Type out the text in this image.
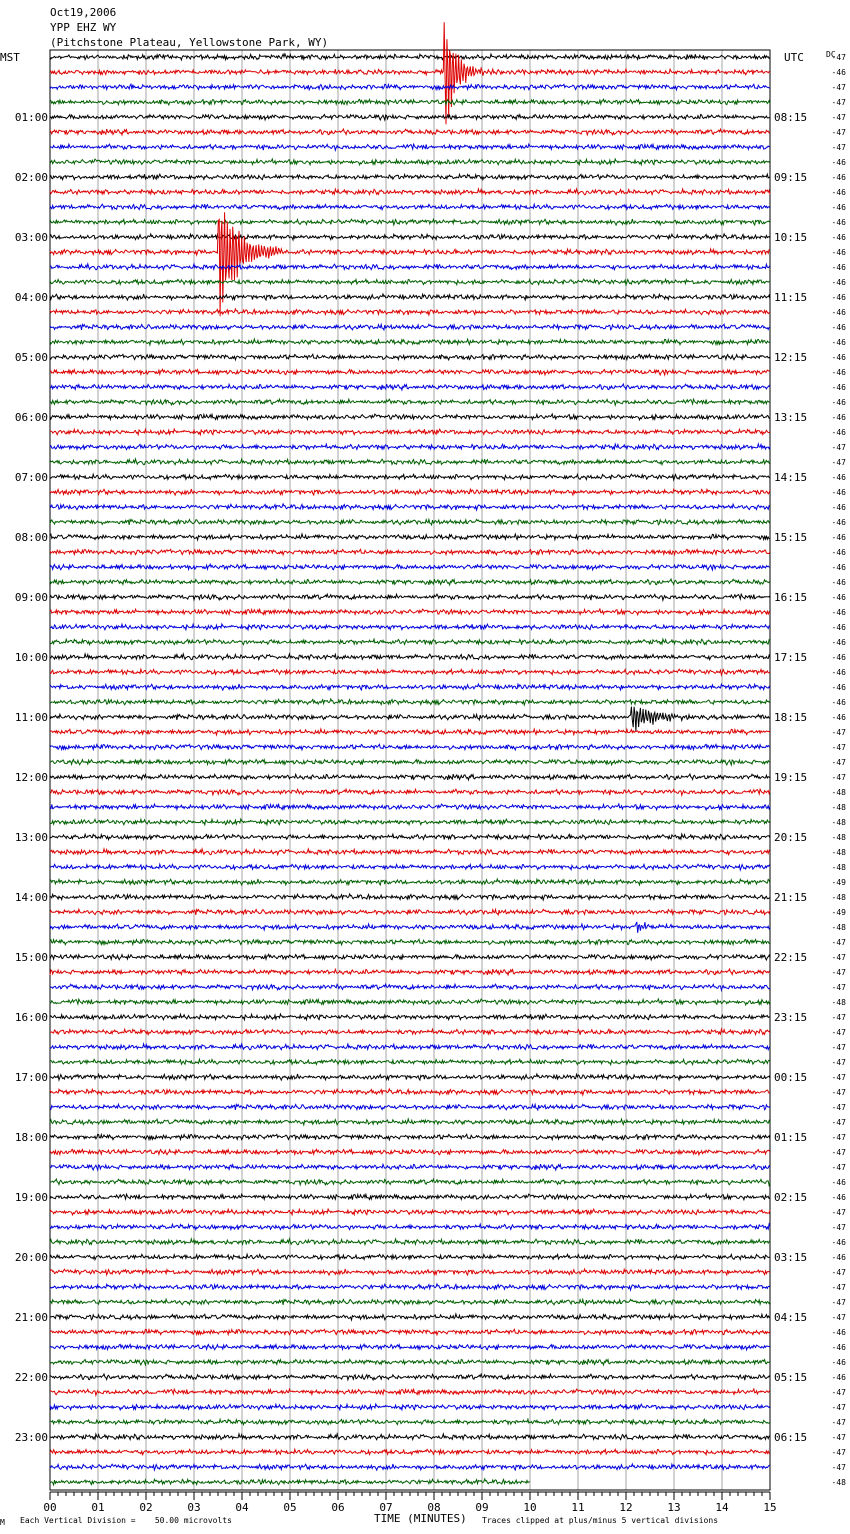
Oct19,2006
YPP EHZ WY
(Pitchstone Plateau, Yellowstone Park, WY)
MST	UTC	DC
01:00
02:00
03:00
04:00
05:00
06:00
07:00
08:00
09:00
10:00
11:00
12:00
13:00
14:00
15:00
16:00
17:00
18:00
19:00
20:00
21:00
22:00
23:00
08:15
09:15
10:15
11:15
12:15
13:15
14:15
15:15
16:15
17:15
18:15
19:15
20:15
21:15
22:15
23:15
00:15
01:15
02:15
03:15
04:15
05:15
06:15
-47
-46
-47
-47
-47
-47
-47
-46
-46
-46
-46
-46
-46
-46
-46
-46
-46
-46
-46
-46
-46
-46
-46
-46
-46
-46
-47
-47
-46
-46
-46
-46
-46
-46
-46
-46
-46
-46
-46
-46
-46
-46
-46
-46
-46
-47
-47
-47
-47
-48
-48
-48
-48
-48
-48
-49
-48
-49
-48
-47
-47
-47
-47
-48
-47
-47
-47
-47
-47
-47
-47
-47
-47
-47
-47
-46
-46
-47
-47
-46
-46
-47
-47
-47
-47
-46
-46
-46
-46
-47
-47
-47
-47
-47
-47
-48
00	01	02	03	04	05	06	07	08	09	10	11	12	13	14	15
M Each Vertical Division =    50.00 microvolts	TIME (MINUTES) Traces clipped at plus/minus 5 vertical divisions
